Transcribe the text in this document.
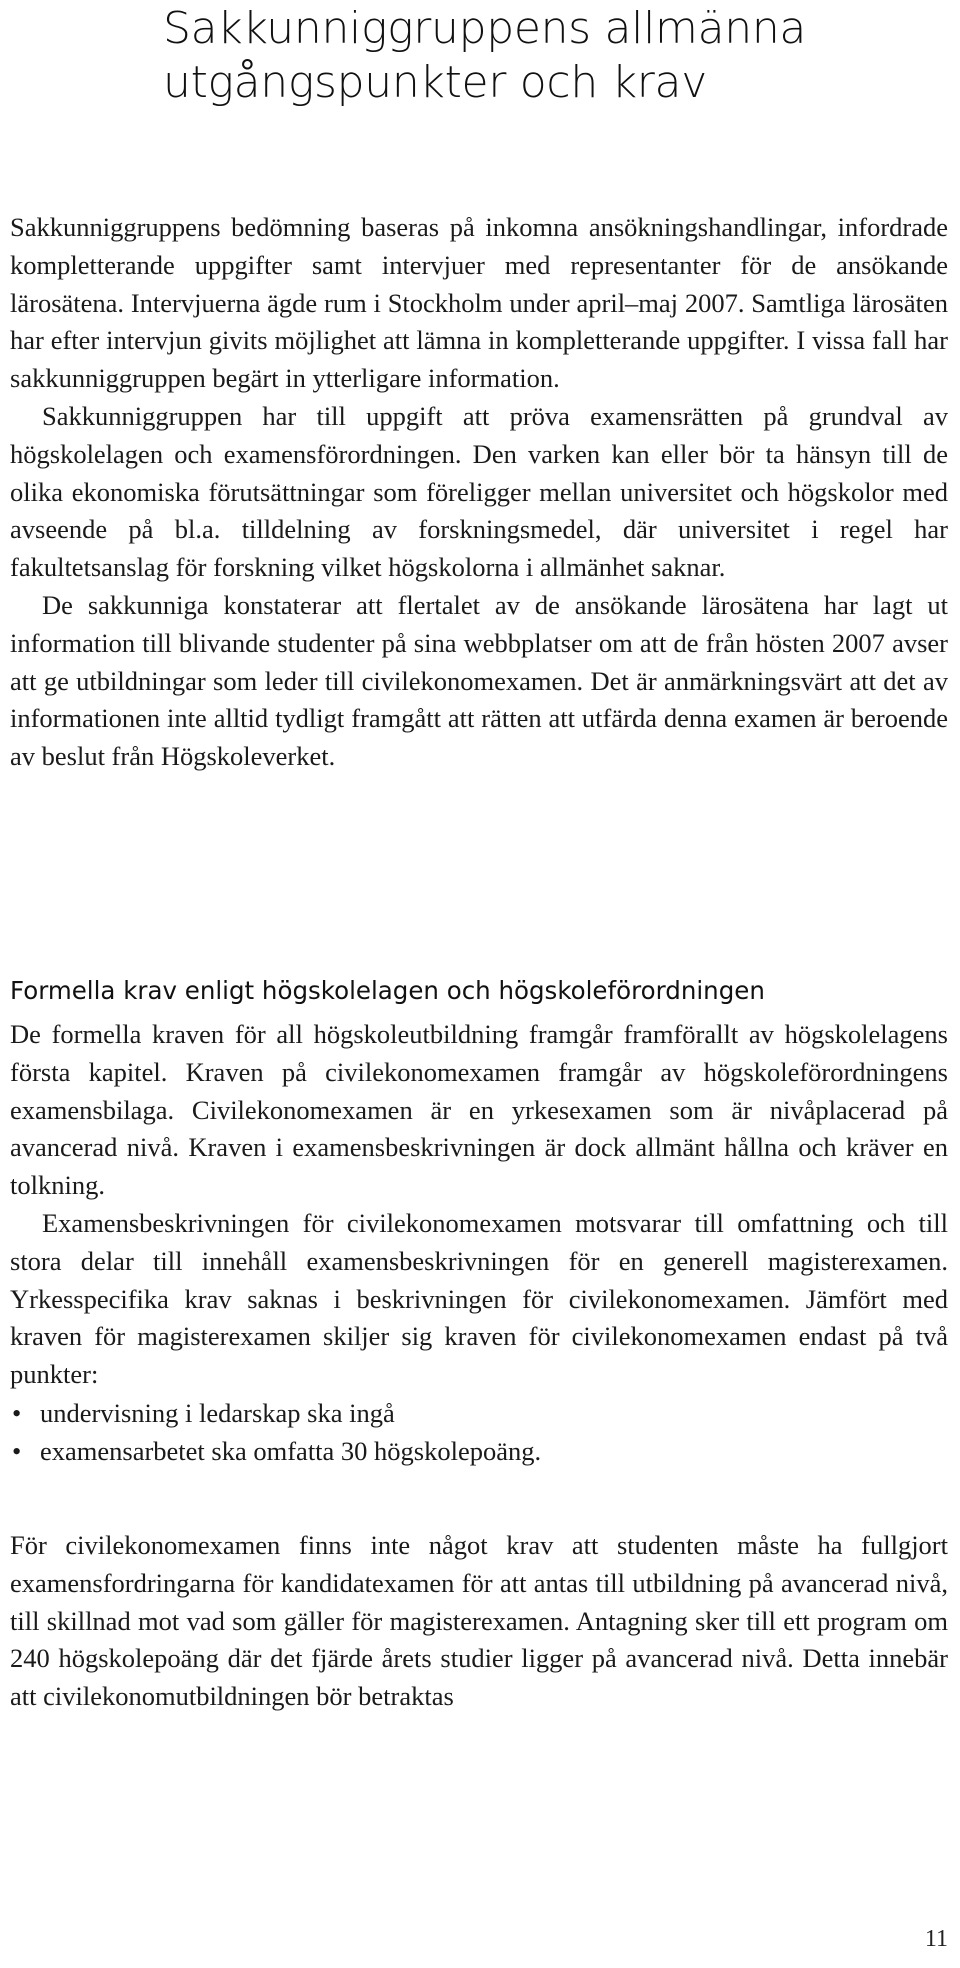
Sakkunniggruppens allmänna
utgångspunkter och krav

Sakkunniggruppens bedömning baseras på inkomna ansökningshandlingar, infordrade kompletterande uppgifter samt intervjuer med representanter för de ansökande lärosätena. Intervjuerna ägde rum i Stockholm under april–maj 2007. Samtliga lärosäten har efter intervjun givits möjlighet att lämna in kompletterande uppgifter. I vissa fall har sakkunniggruppen begärt in ytterligare information.

Sakkunniggruppen har till uppgift att pröva examensrätten på grundval av högskolelagen och examensförordningen. Den varken kan eller bör ta hänsyn till de olika ekonomiska förutsättningar som föreligger mellan universitet och högskolor med avseende på bl.a. tilldelning av forskningsmedel, där universitet i regel har fakultetsanslag för forskning vilket högskolorna i allmänhet saknar.

De sakkunniga konstaterar att flertalet av de ansökande lärosätena har lagt ut information till blivande studenter på sina webbplatser om att de från hösten 2007 avser att ge utbildningar som leder till civilekonomexamen. Det är anmärkningsvärt att det av informationen inte alltid tydligt framgått att rätten att utfärda denna examen är beroende av beslut från Högskoleverket.

Formella krav enligt högskolelagen och högskoleförordningen

De formella kraven för all högskoleutbildning framgår framförallt av högskolelagens första kapitel. Kraven på civilekonomexamen framgår av högskoleförordningens examensbilaga. Civilekonomexamen är en yrkesexamen som är nivåplacerad på avancerad nivå. Kraven i examensbeskrivningen är dock allmänt hållna och kräver en tolkning.

Examensbeskrivningen för civilekonomexamen motsvarar till omfattning och till stora delar till innehåll examensbeskrivningen för en generell magisterexamen. Yrkesspecifika krav saknas i beskrivningen för civilekonomexamen. Jämfört med kraven för magisterexamen skiljer sig kraven för civilekonomexamen endast på två punkter:

• undervisning i ledarskap ska ingå
• examensarbetet ska omfatta 30 högskolepoäng.

För civilekonomexamen finns inte något krav att studenten måste ha fullgjort examensfordringarna för kandidatexamen för att antas till utbildning på avancerad nivå, till skillnad mot vad som gäller för magisterexamen. Antagning sker till ett program om 240 högskolepoäng där det fjärde årets studier ligger på avancerad nivå. Detta innebär att civilekonomutbildningen bör betraktas

11
